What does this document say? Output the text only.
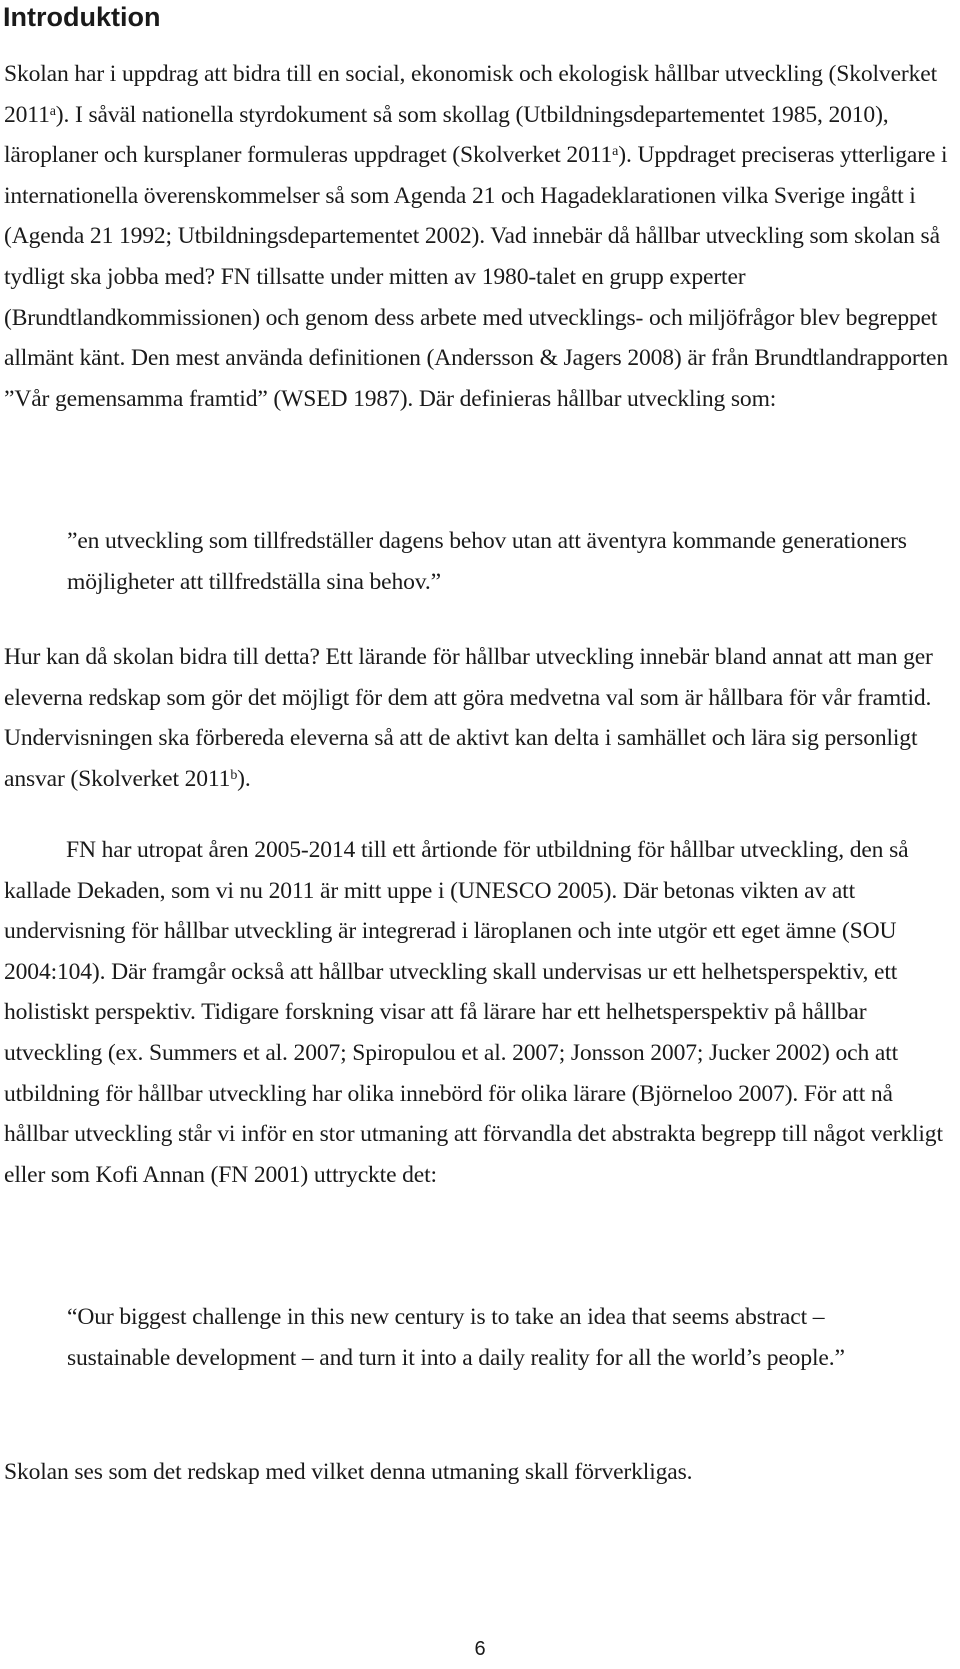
Introduktion

Skolan har i uppdrag att bidra till en social, ekonomisk och ekologisk hållbar utveckling (Skolverket 2011$^a$). I såväl nationella styrdokument så som skollag (Utbildningsdepartementet 1985, 2010), läroplaner och kursplaner formuleras uppdraget (Skolverket 2011$^a$). Uppdraget preciseras ytterligare i internationella överenskommelser så som Agenda 21 och Hagadeklarationen vilka Sverige ingått i (Agenda 21 1992; Utbildningsdepartementet 2002). Vad innebär då hållbar utveckling som skolan så tydligt ska jobba med? FN tillsatte under mitten av 1980-talet en grupp experter (Brundtlandkommissionen) och genom dess arbete med utvecklings- och miljöfrågor blev begreppet allmänt känt. Den mest använda definitionen (Andersson & Jagers 2008) är från Brundtlandrapporten ”Vår gemensamma framtid” (WSED 1987). Där definieras hållbar utveckling som:

”en utveckling som tillfredställer dagens behov utan att äventyra kommande generationers möjligheter att tillfredställa sina behov.”

Hur kan då skolan bidra till detta? Ett lärande för hållbar utveckling innebär bland annat att man ger eleverna redskap som gör det möjligt för dem att göra medvetna val som är hållbara för vår framtid. Undervisningen ska förbereda eleverna så att de aktivt kan delta i samhället och lära sig personligt ansvar (Skolverket 2011$^b$).

FN har utropat åren 2005-2014 till ett årtionde för utbildning för hållbar utveckling, den så kallade Dekaden, som vi nu 2011 är mitt uppe i (UNESCO 2005). Där betonas vikten av att undervisning för hållbar utveckling är integrerad i läroplanen och inte utgör ett eget ämne (SOU 2004:104). Där framgår också att hållbar utveckling skall undervisas ur ett helhetsperspektiv, ett holistiskt perspektiv. Tidigare forskning visar att få lärare har ett helhetsperspektiv på hållbar utveckling (ex. Summers et al. 2007; Spiropulou et al. 2007; Jonsson 2007; Jucker 2002) och att utbildning för hållbar utveckling har olika innebörd för olika lärare (Björneloo 2007). För att nå hållbar utveckling står vi inför en stor utmaning att förvandla det abstrakta begrepp till något verkligt eller som Kofi Annan (FN 2001) uttryckte det:

“Our biggest challenge in this new century is to take an idea that seems abstract – sustainable development – and turn it into a daily reality for all the world’s people.”

Skolan ses som det redskap med vilket denna utmaning skall förverkligas.

6
